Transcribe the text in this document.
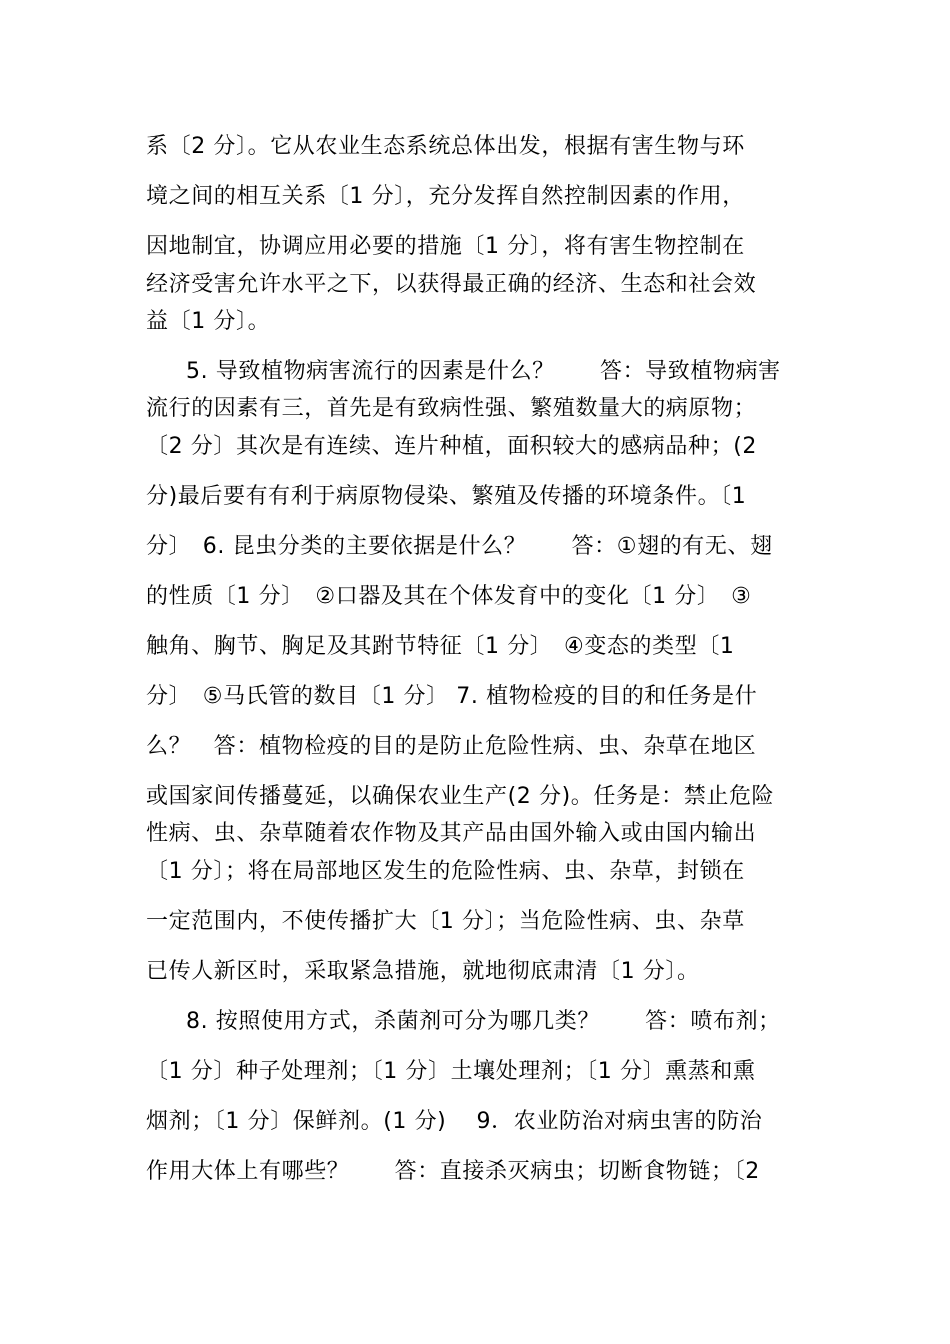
系〔2 分〕。它从农业生态系统总体出发，根据有害生物与环
境之间的相互关系〔1 分〕，充分发挥自然控制因素的作用，
因地制宜，协调应用必要的措施〔1 分〕，将有害生物控制在
经济受害允许水平之下，以获得最正确的经济、生态和社会效
益〔1 分〕。
5. 导致植物病害流行的因素是什么？　　答：导致植物病害
流行的因素有三，首先是有致病性强、繁殖数量大的病原物；
〔2 分〕其次是有连续、连片种植，面积较大的感病品种；(2
分)最后要有有利于病原物侵染、繁殖及传播的环境条件。〔1
分〕　6. 昆虫分类的主要依据是什么？　　答：①翅的有无、翅
的性质〔1 分〕　②口器及其在个体发育中的变化〔1 分〕　③
触角、胸节、胸足及其跗节特征〔1 分〕　④变态的类型〔1
分〕　⑤马氏管的数目〔1 分〕 7. 植物检疫的目的和任务是什
么？　答：植物检疫的目的是防止危险性病、虫、杂草在地区
或国家间传播蔓延，以确保农业生产(2 分)。任务是：禁止危险
性病、虫、杂草随着农作物及其产品由国外输入或由国内输出
〔1 分〕；将在局部地区发生的危险性病、虫、杂草，封锁在
一定范围内，不使传播扩大〔1 分〕；当危险性病、虫、杂草
已传人新区时，采取紧急措施，就地彻底肃清〔1 分〕。
8. 按照使用方式，杀菌剂可分为哪几类？　　答：喷布剂；
〔1 分〕种子处理剂；〔1 分〕土壤处理剂；〔1 分〕熏蒸和熏
烟剂；〔1 分〕保鲜剂。(1 分)　 9．农业防治对病虫害的防治
作用大体上有哪些？　　答：直接杀灭病虫；切断食物链；〔2
